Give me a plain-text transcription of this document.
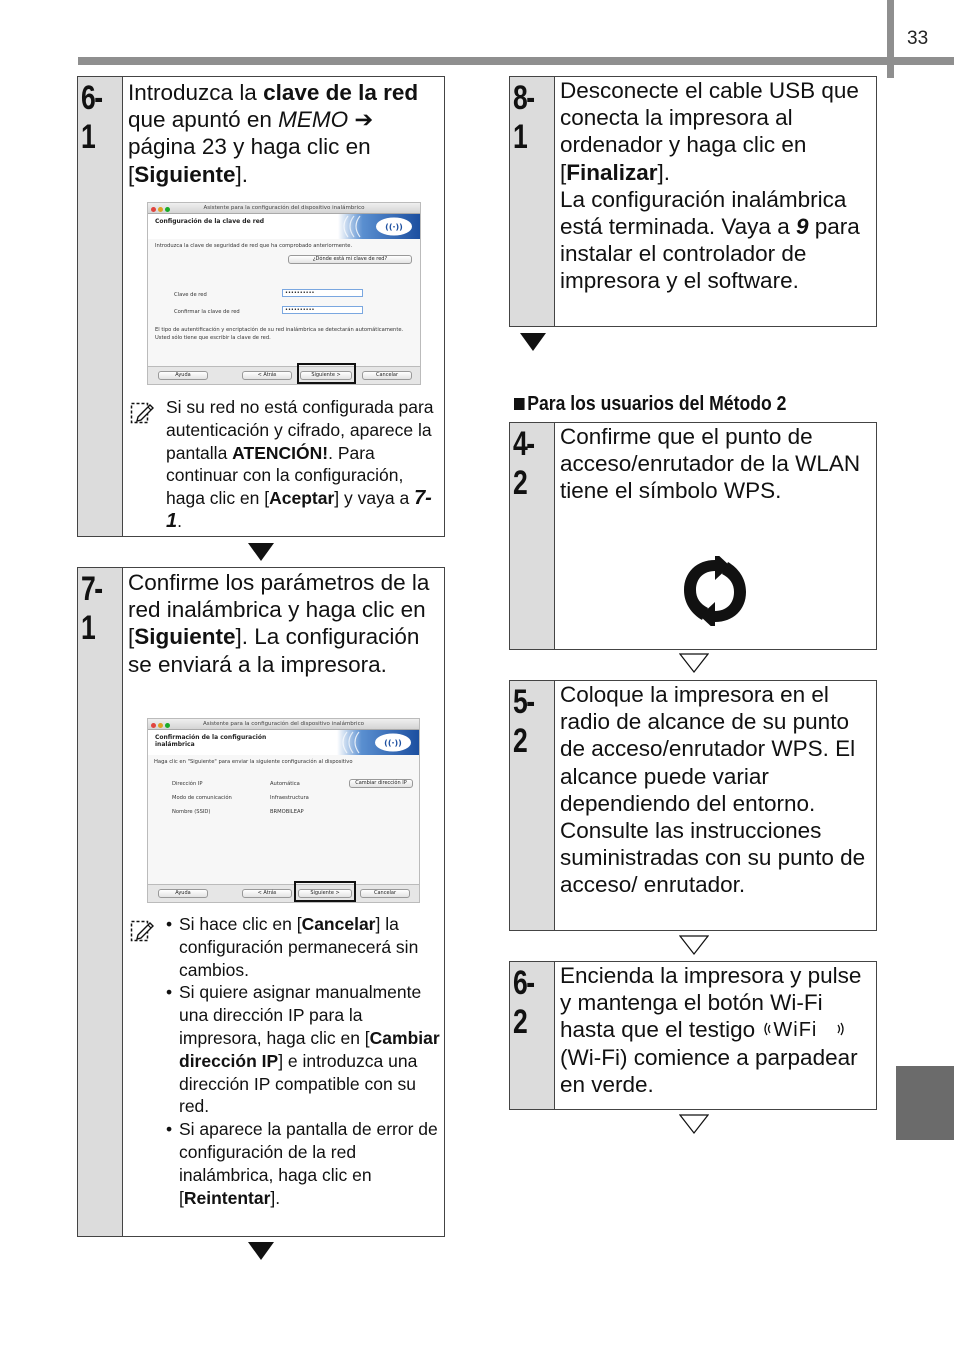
33
6-1
Introduzca la clave de la red que apuntó en MEMO ➔ página 23 y haga clic en [Siguiente].
Asistente para la configuración del dispositivo inalámbrico
Configuración de la clave de red
((·))
Introduzca la clave de seguridad de red que ha comprobado anteriormente.
¿Dónde está mi clave de red?
Clave de red	••••••••••
Confirmar la clave de red	••••••••••
El tipo de autentificación y encriptación de su red inalámbrica se detectarán automáticamente.
Usted sólo tiene que escribir la clave de red.
Ayuda	< Atrás	Siguiente >	Cancelar
Si su red no está configurada para autenticación y cifrado, aparece la pantalla ATENCIÓN!. Para continuar con la configuración, haga clic en [Aceptar] y vaya a 7-1.
7-1
Confirme los parámetros de la red inalámbrica y haga clic en [Siguiente]. La configuración se enviará a la impresora.
Asistente para la configuración del dispositivo inalámbrico
Confirmación de la configuración
inalámbrica	((·))
Haga clic en "Siguiente" para enviar la siguiente configuración al dispositivo
Dirección IP	Automática	Cambiar dirección IP
Modo de comunicación	Infraestructura
Nombre (SSID)	BRMOBILEAP
Ayuda	< Atrás	Siguiente >	Cancelar
• Si hace clic en [Cancelar] la configuración permanecerá sin cambios.
• Si quiere asignar manualmente una dirección IP para la impresora, haga clic en [Cambiar dirección IP] e introduzca una dirección IP compatible con su red.
• Si aparece la pantalla de error de configuración de la red inalámbrica, haga clic en [Reintentar].
8-1
Desconecte el cable USB que conecta la impresora al ordenador y haga clic en [Finalizar].
La configuración inalámbrica está terminada. Vaya a 9 para instalar el controlador de impresora y el software.
Para los usuarios del Método 2
4-2
Confirme que el punto de acceso/enrutador de la WLAN tiene el símbolo WPS.
5-2
Coloque la impresora en el radio de alcance de su punto de acceso/enrutador WPS. El alcance puede variar dependiendo del entorno. Consulte las instrucciones suministradas con su punto de acceso/ enrutador.
6-2
Encienda la impresora y pulse y mantenga el botón Wi-Fi hasta que el testigo WiFi
(Wi-Fi) comience a parpadear en verde.
